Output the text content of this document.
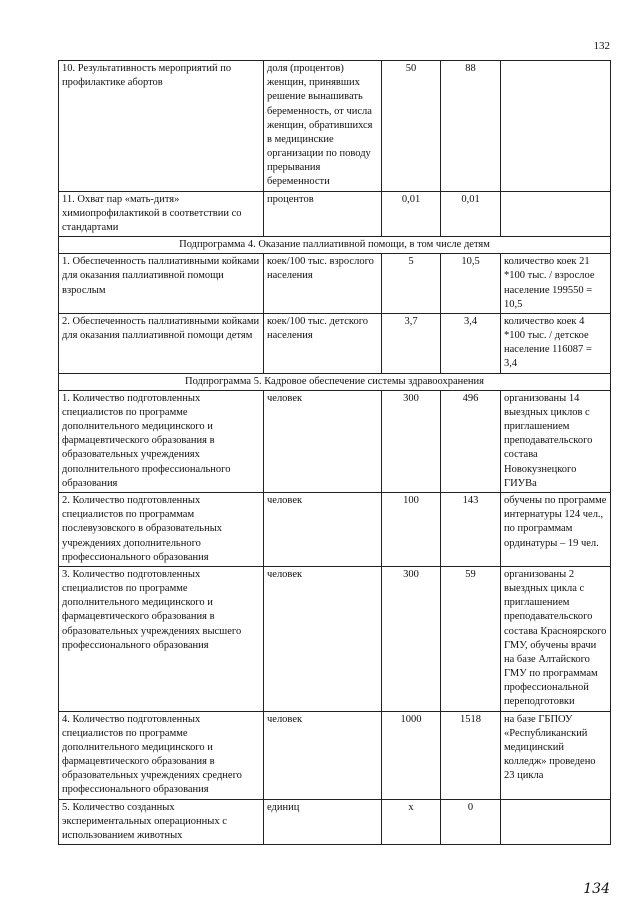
132
10. Результативность мероприятий по профилактике абортов	доля (процентов) женщин, принявших решение вынашивать беременность, от числа женщин, обратившихся в медицинские организации по поводу прерывания беременности	50	88	
11. Охват пар «мать-дитя» химиопрофилактикой в соответствии со стандартами	процентов	0,01	0,01	
Подпрограмма 4. Оказание паллиативной помощи, в том числе детям				
1. Обеспеченность паллиативными койками для оказания паллиативной помощи взрослым	коек/100 тыс. взрослого населения	5	10,5	количество коек 21 *100 тыс. / взрослое население 199550 = 10,5
2. Обеспеченность паллиативными койками для оказания паллиативной помощи детям	коек/100 тыс. детского населения	3,7	3,4	количество коек 4 *100 тыс. / детское население 116087 = 3,4
Подпрограмма 5. Кадровое обеспечение системы здравоохранения				
1. Количество подготовленных специалистов по программе дополнительного медицинского и фармацевтического образования в образовательных учреждениях дополнительного профессионального образования	человек	300	496	организованы 14 выездных циклов с приглашением преподавательского состава Новокузнецкого ГИУВа
2. Количество подготовленных специалистов по программам послевузовского в образовательных учреждениях дополнительного профессионального образования	человек	100	143	обучены по программе интернатуры 124 чел., по программам ординатуры – 19 чел.
3. Количество подготовленных специалистов по программе дополнительного медицинского и фармацевтического образования в образовательных учреждениях высшего профессионального образования	человек	300	59	организованы 2 выездных цикла с приглашением преподавательского состава Красноярского ГМУ, обучены врачи на базе Алтайского ГМУ по программам профессиональной переподготовки
4. Количество подготовленных специалистов по программе дополнительного медицинского и фармацевтического образования в образовательных учреждениях среднего профессионального образования	человек	1000	1518	на базе ГБПОУ «Республиканский медицинский колледж» проведено 23 цикла
5. Количество созданных экспериментальных операционных с использованием животных	единиц	х	0	
134
